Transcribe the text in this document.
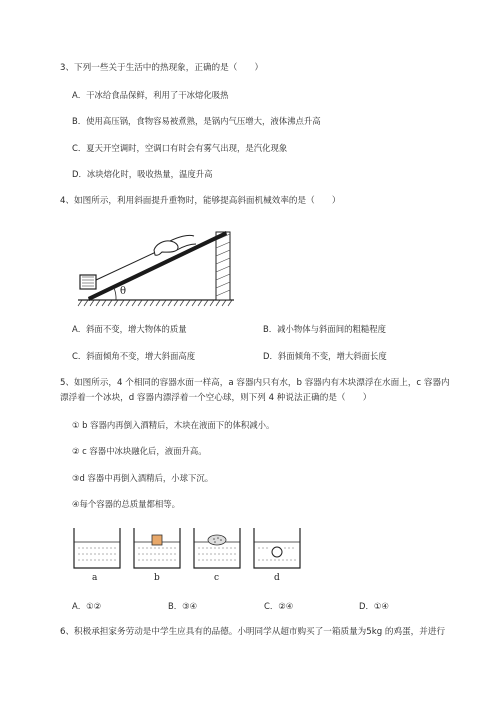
3、下列一些关于生活中的热现象，正确的是（　　）
A．干冰给食品保鲜，利用了干冰熔化吸热
B．使用高压锅，食物容易被煮熟，是锅内气压增大，液体沸点升高
C．夏天开空调时，空调口有时会有雾气出现，是汽化现象
D．冰块熔化时，吸收热量，温度升高
4、如图所示，利用斜面提升重物时，能够提高斜面机械效率的是（　　）
θ
A．斜面不变，增大物体的质量	B．减小物体与斜面间的粗糙程度
C．斜面倾角不变，增大斜面高度	D．斜面倾角不变，增大斜面长度
5、如图所示，4 个相同的容器水面一样高，a 容器内只有水，b 容器内有木块漂浮在水面上，c 容器内
漂浮着一个冰块，d 容器内漂浮着一个空心球，则下列 4 种说法正确的是（　　）
① b 容器内再倒入酒精后，木块在液面下的体积减小。
② c 容器中冰块融化后，液面升高。
③d 容器中再倒入酒精后，小球下沉。
④每个容器的总质量都相等。
a	b	c	d
A．①②	B．③④	C．②④	D．①④
6、积极承担家务劳动是中学生应具有的品德。小明同学从超市购买了一箱质量为5kg 的鸡蛋，并进行
